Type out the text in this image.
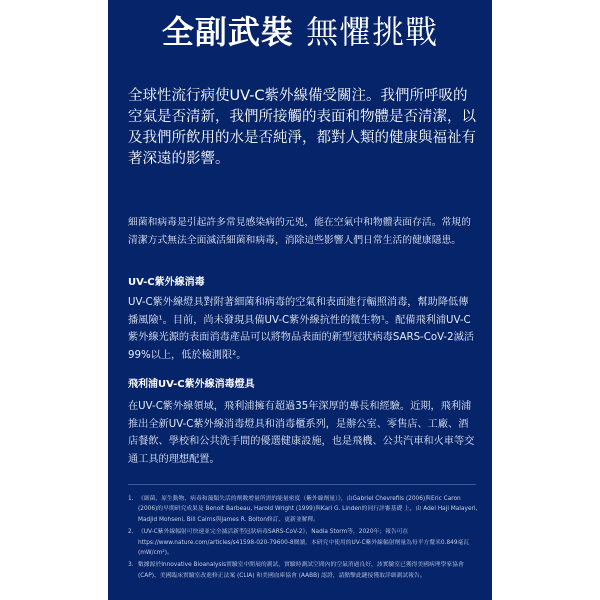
全副武裝 無懼挑戰
全球性流行病使UV-C紫外線備受關注。我們所呼吸的空氣是否清新，我們所接觸的表面和物體是否清潔，以及我們所飲用的水是否純淨，都對人類的健康與福祉有著深遠的影響。
細菌和病毒是引起許多常見感染病的元兇，能在空氣中和物體表面存活。常規的清潔方式無法全面滅活細菌和病毒，消除這些影響人們日常生活的健康隱患。
UV-C紫外線消毒
UV-C紫外線燈具對附著細菌和病毒的空氣和表面進行輻照消毒，幫助降低傳播風險¹。目前，尚未發現具備UV-C紫外線抗性的微生物¹。配備飛利浦UV-C紫外線光源的表面消毒產品可以將物品表面的新型冠狀病毒SARS-CoV-2滅活99%以上，低於檢測限²。
飛利浦UV-C紫外線消毒燈具
在UV-C紫外線領域，飛利浦擁有超過35年深厚的專長和經驗。近期，飛利浦推出全新UV-C紫外線消毒燈具和消毒櫃系列，是辦公室、零售店、工廠、酒店餐飲、學校和公共洗手間的優選健康設施，也是飛機、公共汽車和火車等交通工具的理想配置。
1. 《細菌、原生動物、病毒和藻類失活的劑數增量所需的能量密度（紫外線劑量）》，由Gabriel Chevrefils (2006)與Eric Caron (2006)的早期研究成果及 Benoit Barbeau, Harold Wright (1999)與Karl G. Linden的同行評審基礎 上，由 Adel Haji Malayeri, Madjid Mohseni, Bill Cairns與James R. Bolton修訂、更新並解釋。
2. 《UV-C紫外線輻射可快速並完全滅活新型冠狀病毒SARS-CoV-2》，Nadia Storm等，2020年；報告可在 https://www.nature.com/articles/s41598-020-79600-8閱讀，本研究中使用的UV-C紫外線輻射劑量為每平方釐米0.849毫瓦 (mW/cm²)。
3. 數據源於Innovative Bioanalysis實驗室中開展的測試，實驗時測試空間內的空氣消過良好，該實驗室已獲得美國病理學家協會 (CAP)、美國臨床實驗室改進修正法案 (CLIA) 和美國血庫協會 (AABB) 認證，請點擊此鏈接獲取詳細測試報告。
